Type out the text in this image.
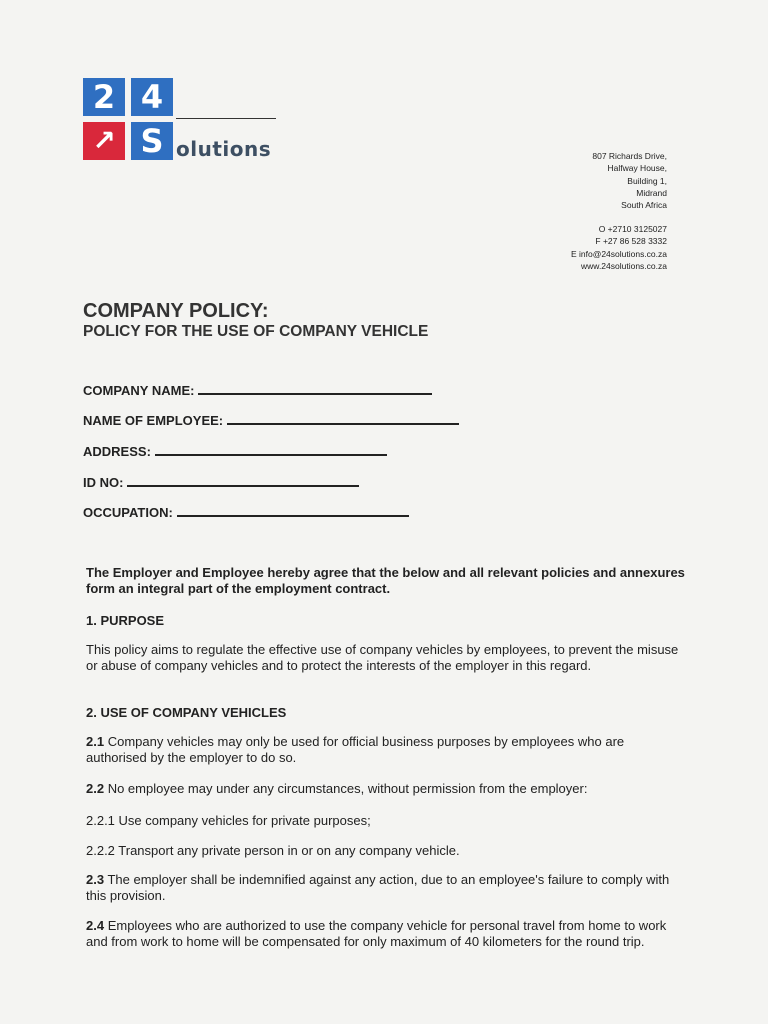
2 4
↗ S olutions	807 Richards Drive,
Halfway House,
Building 1,
Midrand
South Africa
O +2710 3125027
F +27 86 528 3332
E info@24solutions.co.za
www.24solutions.co.za
COMPANY POLICY:
POLICY FOR THE USE OF COMPANY VEHICLE
COMPANY NAME:
NAME OF EMPLOYEE:
ADDRESS:
ID NO:
OCCUPATION:
The Employer and Employee hereby agree that the below and all relevant policies and annexures form an integral part of the employment contract.
1. PURPOSE
This policy aims to regulate the effective use of company vehicles by employees, to prevent the misuse or abuse of company vehicles and to protect the interests of the employer in this regard.
2. USE OF COMPANY VEHICLES
2.1 Company vehicles may only be used for official business purposes by employees who are authorised by the employer to do so.
2.2 No employee may under any circumstances, without permission from the employer:
2.2.1 Use company vehicles for private purposes;
2.2.2 Transport any private person in or on any company vehicle.
2.3 The employer shall be indemnified against any action, due to an employee's failure to comply with this provision.
2.4 Employees who are authorized to use the company vehicle for personal travel from home to work and from work to home will be compensated for only maximum of 40 kilometers for the round trip.
